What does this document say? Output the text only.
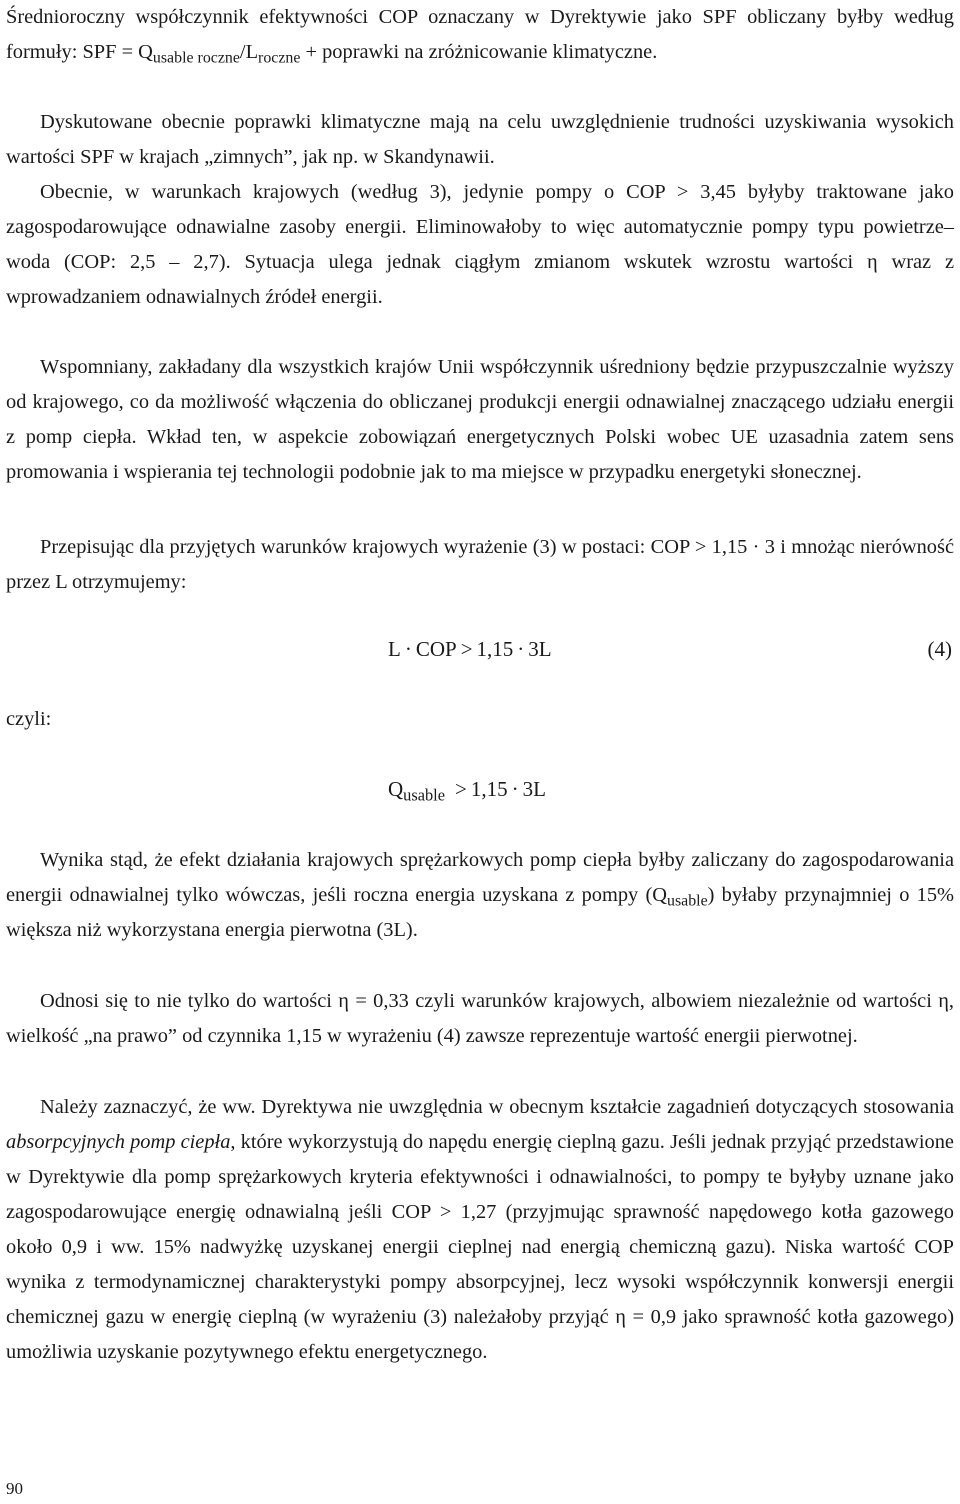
Średnioroczny współczynnik efektywności COP oznaczany w Dyrektywie jako SPF obliczany byłby według formuły: SPF = $Q_{usable roczne}/L_{roczne}$ + poprawki na zróżnicowanie klimatyczne.

Dyskutowane obecnie poprawki klimatyczne mają na celu uwzględnienie trudności uzyskiwania wysokich wartości SPF w krajach „zimnych”, jak np. w Skandynawii.

Obecnie, w warunkach krajowych (według 3), jedynie pompy o COP > 3,45 byłyby traktowane jako zagospodarowujące odnawialne zasoby energii. Eliminowałoby to więc automatycznie pompy typu powietrze–woda (COP: 2,5 – 2,7). Sytuacja ulega jednak ciągłym zmianom wskutek wzrostu wartości η wraz z wprowadzaniem odnawialnych źródeł energii.

Wspomniany, zakładany dla wszystkich krajów Unii współczynnik uśredniony będzie przypuszczalnie wyższy od krajowego, co da możliwość włączenia do obliczanej produkcji energii odnawialnej znaczącego udziału energii z pomp ciepła. Wkład ten, w aspekcie zobowiązań energetycznych Polski wobec UE uzasadnia zatem sens promowania i wspierania tej technologii podobnie jak to ma miejsce w przypadku energetyki słonecznej.

Przepisując dla przyjętych warunków krajowych wyrażenie (3) w postaci: COP > 1,15 · 3 i mnożąc nierówność przez L otrzymujemy:

L · COP > 1,15 · 3L	(4)
czyli:
$Q_{usable} > 1,15 \cdot 3L$

Wynika stąd, że efekt działania krajowych sprężarkowych pomp ciepła byłby zaliczany do zagospodarowania energii odnawialnej tylko wówczas, jeśli roczna energia uzyskana z pompy $(Q_{usable})$ byłaby przynajmniej o 15% większa niż wykorzystana energia pierwotna (3L).

Odnosi się to nie tylko do wartości η = 0,33 czyli warunków krajowych, albowiem niezależnie od wartości η, wielkość „na prawo” od czynnika 1,15 w wyrażeniu (4) zawsze reprezentuje wartość energii pierwotnej.

Należy zaznaczyć, że ww. Dyrektywa nie uwzględnia w obecnym kształcie zagadnień dotyczących stosowania absorpcyjnych pomp ciepła, które wykorzystują do napędu energię cieplną gazu. Jeśli jednak przyjąć przedstawione w Dyrektywie dla pomp sprężarkowych kryteria efektywności i odnawialności, to pompy te byłyby uznane jako zagospodarowujące energię odnawialną jeśli COP > 1,27 (przyjmując sprawność napędowego kotła gazowego około 0,9 i ww. 15% nadwyżkę uzyskanej energii cieplnej nad energią chemiczną gazu). Niska wartość COP wynika z termodynamicznej charakterystyki pompy absorpcyjnej, lecz wysoki współczynnik konwersji energii chemicznej gazu w energię cieplną (w wyrażeniu (3) należałoby przyjąć η = 0,9 jako sprawność kotła gazowego) umożliwia uzyskanie pozytywnego efektu energetycznego.

90
